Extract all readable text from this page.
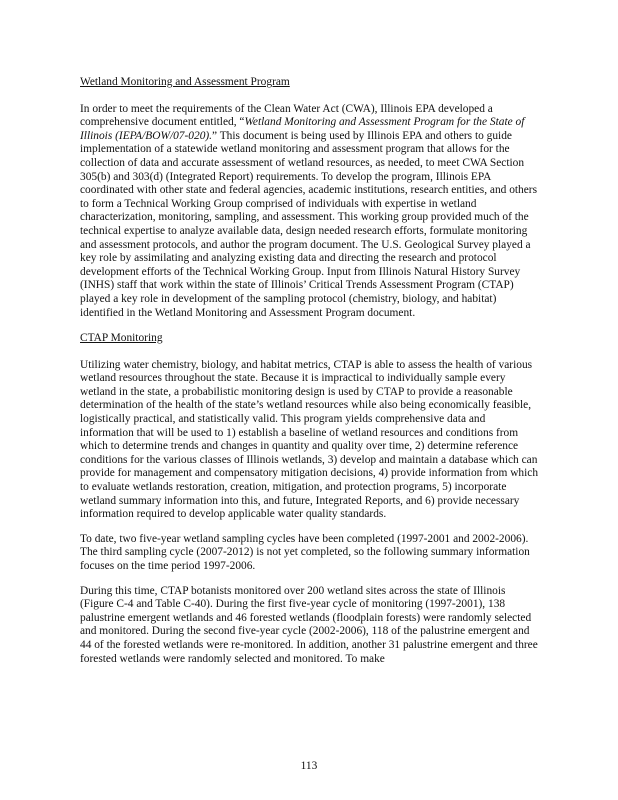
Wetland Monitoring and Assessment Program

In order to meet the requirements of the Clean Water Act (CWA), Illinois EPA developed a comprehensive document entitled, “Wetland Monitoring and Assessment Program for the State of Illinois (IEPA/BOW/07-020).” This document is being used by Illinois EPA and others to guide implementation of a statewide wetland monitoring and assessment program that allows for the collection of data and accurate assessment of wetland resources, as needed, to meet CWA Section 305(b) and 303(d) (Integrated Report) requirements. To develop the program, Illinois EPA coordinated with other state and federal agencies, academic institutions, research entities, and others to form a Technical Working Group comprised of individuals with expertise in wetland characterization, monitoring, sampling, and assessment. This working group provided much of the technical expertise to analyze available data, design needed research efforts, formulate monitoring and assessment protocols, and author the program document. The U.S. Geological Survey played a key role by assimilating and analyzing existing data and directing the research and protocol development efforts of the Technical Working Group. Input from Illinois Natural History Survey (INHS) staff that work within the state of Illinois’ Critical Trends Assessment Program (CTAP) played a key role in development of the sampling protocol (chemistry, biology, and habitat) identified in the Wetland Monitoring and Assessment Program document.

CTAP Monitoring

Utilizing water chemistry, biology, and habitat metrics, CTAP is able to assess the health of various wetland resources throughout the state. Because it is impractical to individually sample every wetland in the state, a probabilistic monitoring design is used by CTAP to provide a reasonable determination of the health of the state’s wetland resources while also being economically feasible, logistically practical, and statistically valid. This program yields comprehensive data and information that will be used to 1) establish a baseline of wetland resources and conditions from which to determine trends and changes in quantity and quality over time, 2) determine reference conditions for the various classes of Illinois wetlands, 3) develop and maintain a database which can provide for management and compensatory mitigation decisions, 4) provide information from which to evaluate wetlands restoration, creation, mitigation, and protection programs, 5) incorporate wetland summary information into this, and future, Integrated Reports, and 6) provide necessary information required to develop applicable water quality standards.

To date, two five-year wetland sampling cycles have been completed (1997-2001 and 2002-2006). The third sampling cycle (2007-2012) is not yet completed, so the following summary information focuses on the time period 1997-2006.

During this time, CTAP botanists monitored over 200 wetland sites across the state of Illinois (Figure C-4 and Table C-40). During the first five-year cycle of monitoring (1997-2001), 138 palustrine emergent wetlands and 46 forested wetlands (floodplain forests) were randomly selected and monitored. During the second five-year cycle (2002-2006), 118 of the palustrine emergent and 44 of the forested wetlands were re-monitored. In addition, another 31 palustrine emergent and three forested wetlands were randomly selected and monitored. To make

113
